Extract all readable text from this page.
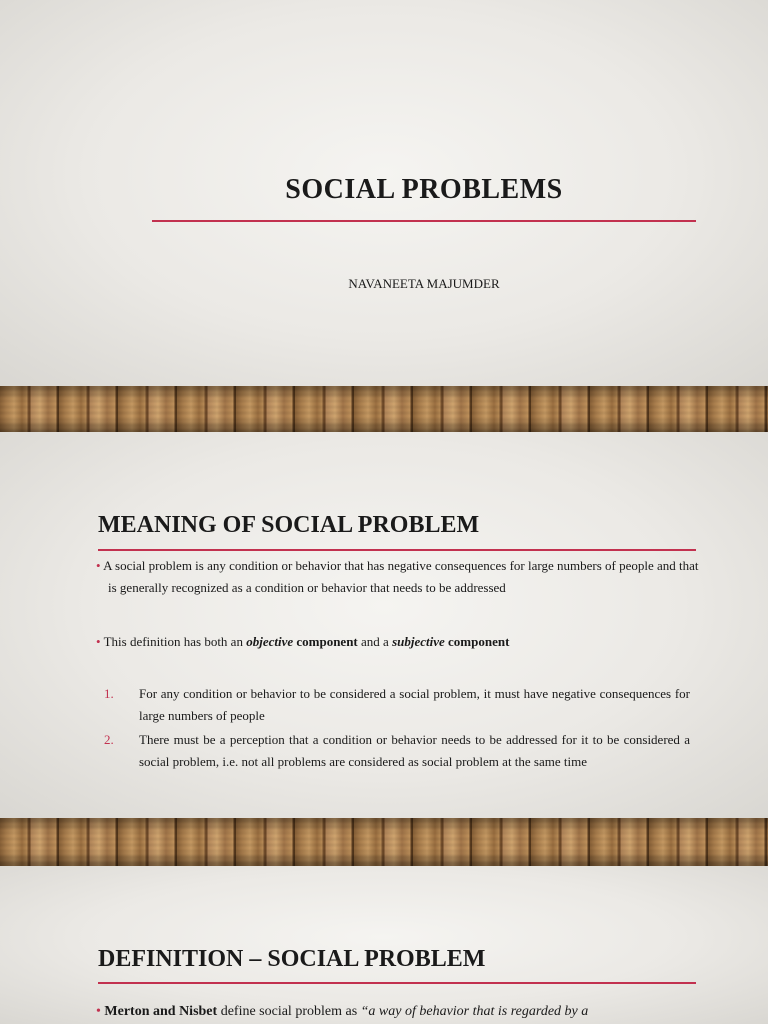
SOCIAL PROBLEMS
NAVANEETA MAJUMDER
MEANING OF SOCIAL PROBLEM
• A social problem is any condition or behavior that has negative consequences for large numbers of people and that is generally recognized as a condition or behavior that needs to be addressed
• This definition has both an objective component and a subjective component
1. For any condition or behavior to be considered a social problem, it must have negative consequences for large numbers of people
2. There must be a perception that a condition or behavior needs to be addressed for it to be considered a social problem, i.e. not all problems are considered as social problem at the same time
DEFINITION – SOCIAL PROBLEM
• Merton and Nisbet define social problem as “a way of behavior that is regarded by a
